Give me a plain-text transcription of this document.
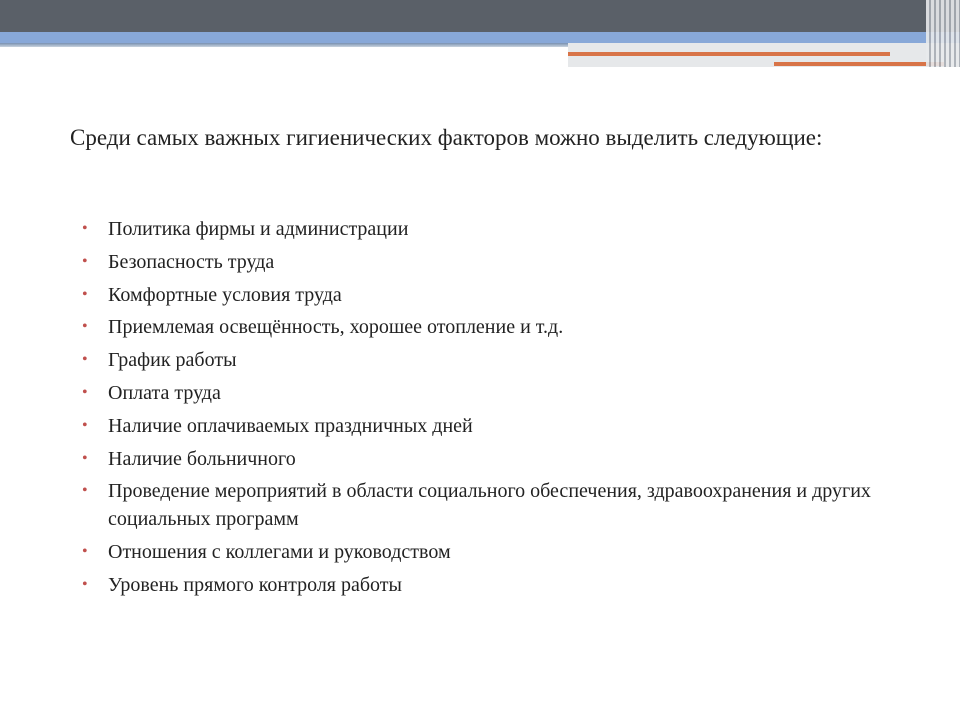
Среди самых важных гигиенических факторов можно выделить следующие:

• Политика фирмы и администрации
• Безопасность труда
• Комфортные условия труда
• Приемлемая освещённость, хорошее отопление и т.д.
• График работы
• Оплата труда
• Наличие оплачиваемых праздничных дней
• Наличие больничного
• Проведение мероприятий в области социального обеспечения, здравоохранения и других социальных программ
• Отношения с коллегами и руководством
• Уровень прямого контроля работы
